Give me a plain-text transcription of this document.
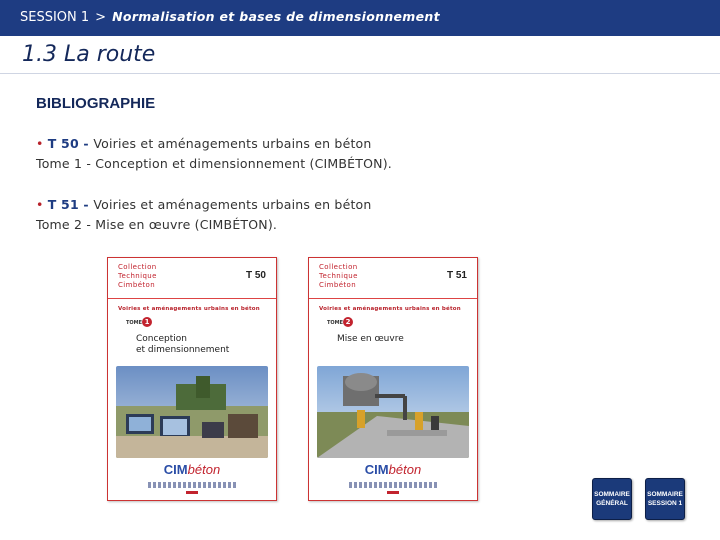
SESSION 1 > Normalisation et bases de dimensionnement
1.3 La route
BIBLIOGRAPHIE
• T 50 - Voiries et aménagements urbains en béton
Tome 1 - Conception et dimensionnement (CIMBÉTON).
• T 51 - Voiries et aménagements urbains en béton
Tome 2 - Mise en œuvre (CIMBÉTON).
Collection
Technique
Cimbéton
T 50
Voiries et aménagements urbains en béton
TOME 1
Conception
et dimensionnement
CIMbéton
Collection
Technique
Cimbéton
T 51
Voiries et aménagements urbains en béton
TOME 2
Mise en œuvre
CIMbéton
SOMMAIRE
GÉNÉRAL
SOMMAIRE
SESSION 1
